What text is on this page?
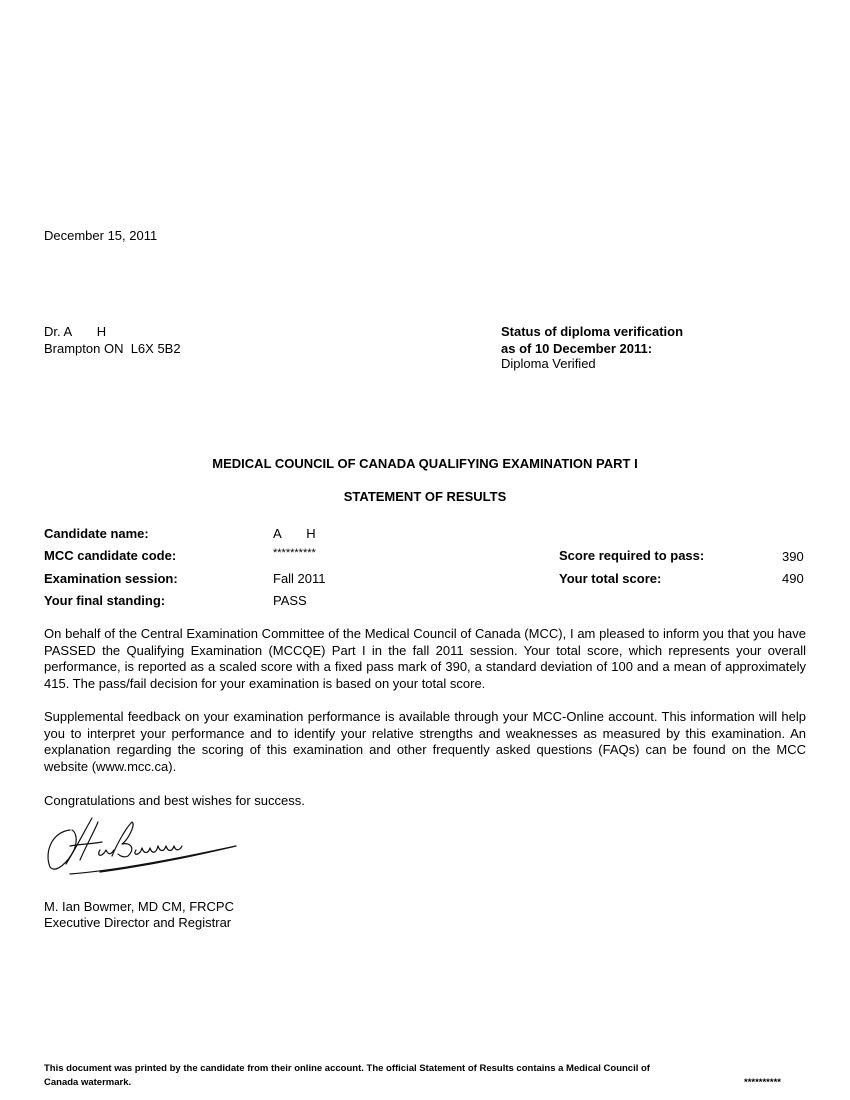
December 15, 2011
Dr. A       H
Brampton ON  L6X 5B2
Status of diploma verification
as of 10 December 2011:
Diploma Verified
MEDICAL COUNCIL OF CANADA QUALIFYING EXAMINATION PART I
STATEMENT OF RESULTS
Candidate name:	A       H
MCC candidate code:	**********
Examination session:	Fall 2011
Your final standing:	PASS
Score required to pass:	390
Your total score:	490
On behalf of the Central Examination Committee of the Medical Council of Canada (MCC), I am pleased to inform you that you have PASSED the Qualifying Examination (MCCQE) Part I in the fall 2011 session. Your total score, which represents your overall performance, is reported as a scaled score with a fixed pass mark of 390, a standard deviation of 100 and a mean of approximately 415. The pass/fail decision for your examination is based on your total score.
Supplemental feedback on your examination performance is available through your MCC-Online account. This information will help you to interpret your performance and to identify your relative strengths and weaknesses as measured by this examination. An explanation regarding the scoring of this examination and other frequently asked questions (FAQs) can be found on the MCC website (www.mcc.ca).
Congratulations and best wishes for success.
M. Ian Bowmer, MD CM, FRCPC
Executive Director and Registrar
This document was printed by the candidate from their online account. The official Statement of Results contains a Medical Council of
Canada watermark.	**********
